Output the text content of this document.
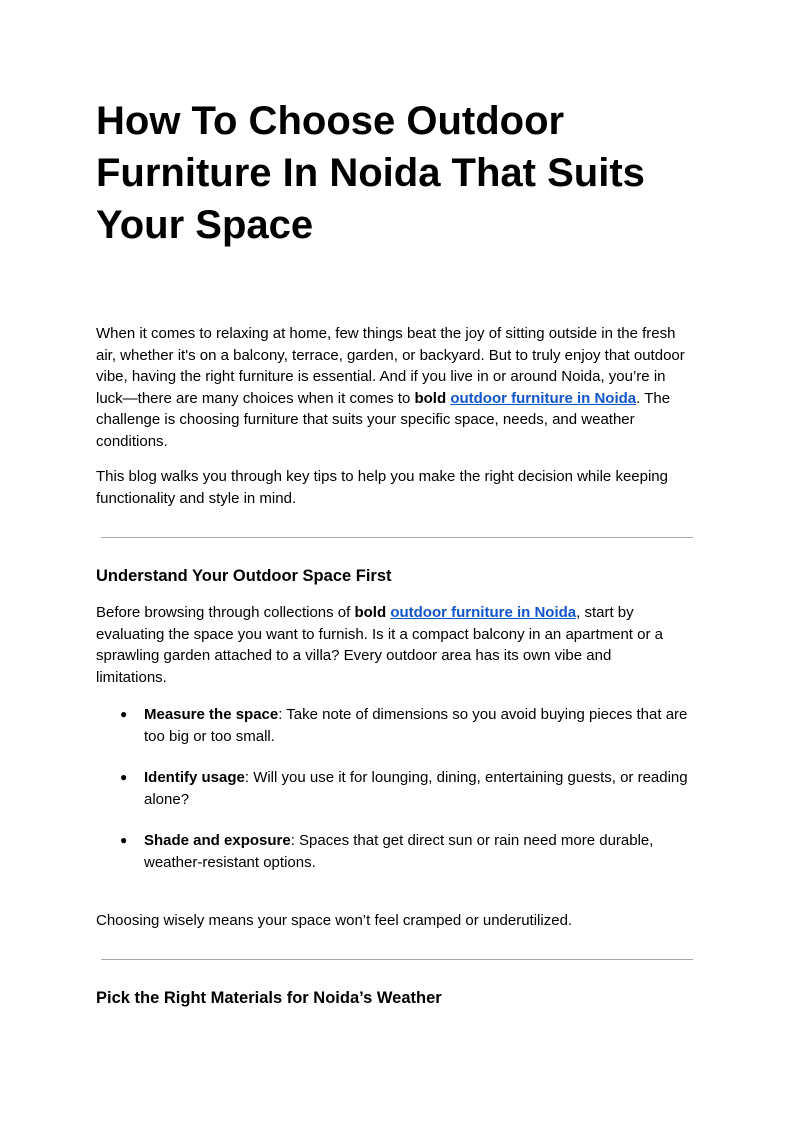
How To Choose Outdoor Furniture In Noida That Suits Your Space

When it comes to relaxing at home, few things beat the joy of sitting outside in the fresh air, whether it's on a balcony, terrace, garden, or backyard. But to truly enjoy that outdoor vibe, having the right furniture is essential. And if you live in or around Noida, you’re in luck—there are many choices when it comes to bold outdoor furniture in Noida. The challenge is choosing furniture that suits your specific space, needs, and weather conditions.

This blog walks you through key tips to help you make the right decision while keeping functionality and style in mind.

Understand Your Outdoor Space First

Before browsing through collections of bold outdoor furniture in Noida, start by evaluating the space you want to furnish. Is it a compact balcony in an apartment or a sprawling garden attached to a villa? Every outdoor area has its own vibe and limitations.

● Measure the space: Take note of dimensions so you avoid buying pieces that are too big or too small.
● Identify usage: Will you use it for lounging, dining, entertaining guests, or reading alone?
● Shade and exposure: Spaces that get direct sun or rain need more durable, weather-resistant options.

Choosing wisely means your space won’t feel cramped or underutilized.

Pick the Right Materials for Noida’s Weather
